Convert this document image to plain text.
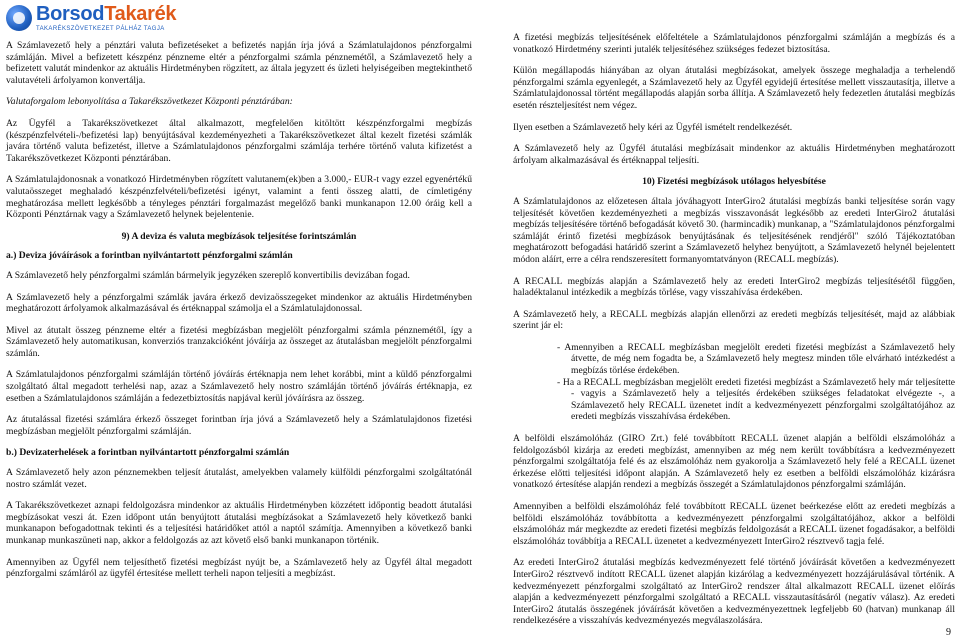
BorsodTakarék
TAKARÉKSZÖVETKEZET PÁLHÁZ TAGJA

A Számlavezető hely a pénztári valuta befizetéseket a befizetés napján írja jóvá a Számlatulajdonos pénzforgalmi számláján. Mivel a befizetett készpénz pénzneme eltér a pénzforgalmi számla pénznemétől, a Számlavezető hely a befizetett valutát mindenkor az aktuális Hirdetményben rögzített, az általa jegyzett és üzleti helyiségeiben megtekinthető valutavételi árfolyamon konvertálja.

Valutaforgalom lebonyolítása a Takarékszövetkezet Központi pénztárában:

Az Ügyfél a Takarékszövetkezet által alkalmazott, megfelelően kitöltött készpénzforgalmi megbízás (készpénzfelvételi-/befizetési lap) benyújtásával kezdeményezheti a Takarékszövetkezet által kezelt fizetési számlák javára történő valuta befizetést, illetve a Számlatulajdonos pénzforgalmi számlája terhére történő valuta kifizetést a Takarékszövetkezet Központi pénztárában.

A Számlatulajdonosnak a vonatkozó Hirdetményben rögzített valutanem(ek)ben a 3.000,- EUR-t vagy ezzel egyenértékű valutaösszeget meghaladó készpénzfelvételi/befizetési igényt, valamint a fenti összeg alatti, de címletigény meghatározása mellett legkésőbb a tényleges pénztári forgalmazást megelőző banki munkanapon 12.00 óráig kell a Központi Pénztárnak vagy a Számlavezető helynek bejelentenie.

9) A deviza és valuta megbízások teljesítése forintszámlán

a.) Deviza jóváírások a forintban nyilvántartott pénzforgalmi számlán

A Számlavezető hely pénzforgalmi számlán bármelyik jegyzéken szereplő konvertibilis devizában fogad.

A Számlavezető hely a pénzforgalmi számlák javára érkező devizaösszegeket mindenkor az aktuális Hirdetményben meghatározott árfolyamok alkalmazásával és értéknappal számolja el a Számlatulajdonossal.

Mivel az átutalt összeg pénzneme eltér a fizetési megbízásban megjelölt pénzforgalmi számla pénznemétől, így a Számlavezető hely automatikusan, konverziós tranzakcióként jóváírja az összeget az átutalásban megjelölt pénzforgalmi számlán.

A Számlatulajdonos pénzforgalmi számláján történő jóváírás értéknapja nem lehet korábbi, mint a küldő pénzforgalmi szolgáltató által megadott terhelési nap, azaz a Számlavezető hely nostro számláján történő jóváírás értéknapja, ez esetben a Számlatulajdonos számláján a fedezetbiztosítás napjával kerül jóváírásra az összeg.

Az átutalással fizetési számlára érkező összeget forintban írja jóvá a Számlavezető hely a Számlatulajdonos fizetési megbízásban megjelölt pénzforgalmi számláján.

b.) Devizaterhelések a forintban nyilvántartott pénzforgalmi számlán

A Számlavezető hely azon pénznemekben teljesít átutalást, amelyekben valamely külföldi pénzforgalmi szolgáltatónál nostro számlát vezet.

A Takarékszövetkezet aznapi feldolgozásra mindenkor az aktuális Hirdetményben közzétett időpontig beadott átutalási megbízásokat veszi át. Ezen időpont után benyújtott átutalási megbízásokat a Számlavezető hely következő banki munkanapon befogadottnak tekinti és a teljesítési határidőket attól a naptól számítja. Amennyiben a következő banki munkanap munkaszüneti nap, akkor a feldolgozás az azt követő első banki munkanapon történik.

Amennyiben az Ügyfél nem teljesíthető fizetési megbízást nyújt be, a Számlavezető hely az Ügyfél által megadott pénzforgalmi számláról az ügyfél értesítése mellett terheli napon teljesíti a megbízást.

A fizetési megbízás teljesítésének előfeltétele a Számlatulajdonos pénzforgalmi számláján a megbízás és a vonatkozó Hirdetmény szerinti jutalék teljesítéséhez szükséges fedezet biztosítása.

Külön megállapodás hiányában az olyan átutalási megbízásokat, amelyek összege meghaladja a terhelendő pénzforgalmi számla egyenlegét, a Számlavezető hely az Ügyfél egyidejű értesítése mellett visszautasítja, illetve a Számlatulajdonossal történt megállapodás alapján sorba állítja. A Számlavezető hely fedezetlen átutalási megbízás esetén részteljesítést nem végez.

Ilyen esetben a Számlavezető hely kéri az Ügyfél ismételt rendelkezését.

A Számlavezető hely az Ügyfél átutalási megbízásait mindenkor az aktuális Hirdetményben meghatározott árfolyam alkalmazásával és értéknappal teljesíti.

10) Fizetési megbízások utólagos helyesbítése

A Számlatulajdonos az előzetesen általa jóváhagyott InterGiro2 átutalási megbízás banki teljesítése során vagy teljesítését követően kezdeményezheti a megbízás visszavonását legkésőbb az eredeti InterGiro2 átutalási megbízás teljesítésére történő befogadását követő 30. (harmincadik) munkanap, a "Számlatulajdonos pénzforgalmi számláját érintő fizetési megbízások benyújtásának és teljesítésének rendjéről" szóló Tájékoztatóban meghatározott befogadási határidő szerint a Számlavezető helyhez benyújtott, a Számlavezető helynél bejelentett módon aláírt, erre a célra rendszeresített formanyomtatványon (RECALL megbízás).

A RECALL megbízás alapján a Számlavezető hely az eredeti InterGiro2 megbízás teljesítésétől függően, haladéktalanul intézkedik a megbízás törlése, vagy visszahívása érdekében.

A Számlavezető hely, a RECALL megbízás alapján ellenőrzi az eredeti megbízás teljesítését, majd az alábbiak szerint jár el:

- Amennyiben a RECALL megbízásban megjelölt eredeti fizetési megbízást a Számlavezető hely átvette, de még nem fogadta be, a Számlavezető hely megtesz minden tőle elvárható intézkedést a megbízás törlése érdekében.

- Ha a RECALL megbízásban megjelölt eredeti fizetési megbízást a Számlavezető hely már teljesítette - vagyis a Számlavezető hely a teljesítés érdekében szükséges feladatokat elvégezte -, a Számlavezető hely RECALL üzenetet indít a kedvezményezett pénzforgalmi szolgáltatójához az eredeti megbízás visszahívása érdekében.

A belföldi elszámolóház (GIRO Zrt.) felé továbbított RECALL üzenet alapján a belföldi elszámolóház a feldolgozásból kizárja az eredeti megbízást, amennyiben az még nem került továbbításra a kedvezményezett pénzforgalmi szolgáltatója felé és az elszámolóház nem gyakorolja a Számlavezető hely felé a RECALL üzenet érkezése előtti teljesítési időpont alapján. A Számlavezető hely ez esetben a belföldi elszámolóház kizárásra vonatkozó értesítése alapján rendezi a megbízás összegét a Számlatulajdonos pénzforgalmi számláján.

Amennyiben a belföldi elszámolóház felé továbbított RECALL üzenet beérkezése előtt az eredeti megbízás a belföldi elszámolóház továbbította a kedvezményezett pénzforgalmi szolgáltatójához, akkor a belföldi elszámolóház már megkezdte az eredeti fizetési megbízás feldolgozását a RECALL üzenet fogadásakor, a belföldi elszámolóház továbbítja a RECALL üzenetet a kedvezményezett InterGiro2 résztvevő tagja felé.

Az eredeti InterGiro2 átutalási megbízás kedvezményezett felé történő jóváírását követően a kedvezményezett InterGiro2 résztvevő indított RECALL üzenet alapján kizárólag a kedvezményezett hozzájárulásával történik. A kedvezményezett pénzforgalmi szolgáltató az InterGiro2 rendszer által alkalmazott RECALL üzenet előírás alapján a kedvezményezett pénzforgalmi szolgáltató a RECALL visszautasításáról (negatív válasz). Az eredeti InterGiro2 átutalás összegének jóváírását követően a kedvezményezettnek legfeljebb 60 (hatvan) munkanap áll rendelkezésére a visszahívás kedvezményezés megválaszolására.

9
